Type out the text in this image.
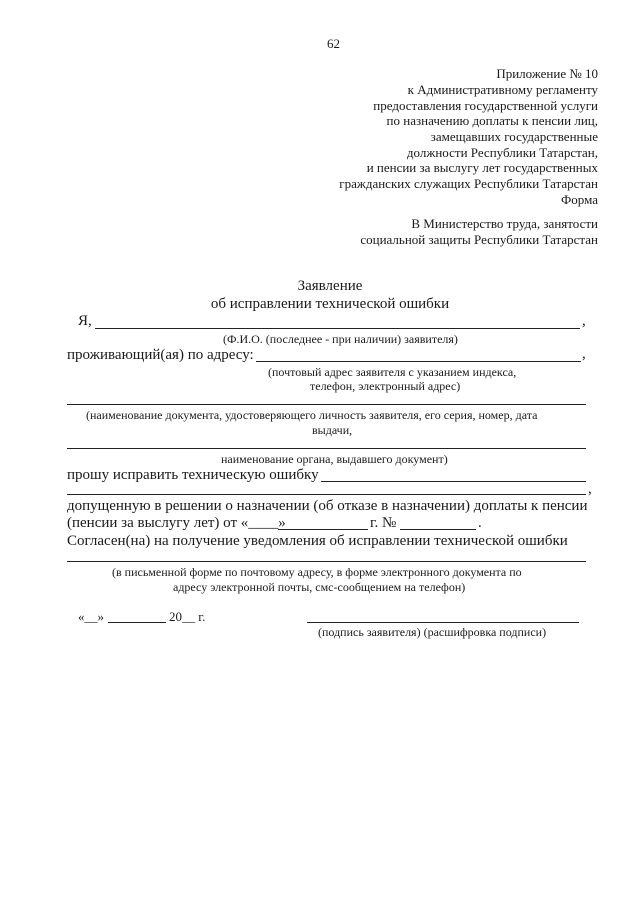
62
Приложение № 10
к Административному регламенту
предоставления государственной услуги
по назначению доплаты к пенсии лиц,
замещавших государственные
должности Республики Татарстан,
и пенсии за выслугу лет государственных
гражданских служащих Республики Татарстан
Форма
В Министерство труда, занятости
социальной защиты Республики Татарстан
Заявление
об исправлении технической ошибки
Я,	,
(Ф.И.О. (последнее - при наличии) заявителя)
проживающий(ая) по адресу:	,
(почтовый адрес заявителя с указанием индекса,
телефон, электронный адрес)
(наименование документа, удостоверяющего личность заявителя, его серия, номер, дата
выдачи,
наименование органа, выдавшего документ)
прошу исправить техническую ошибку
,
допущенную в решении о назначении (об отказе в назначении) доплаты к пенсии
(пенсии за выслугу лет) от «____»	г. №	.
Согласен(на) на получение уведомления об исправлении технической ошибки
(в письменной форме по почтовому адресу, в форме электронного документа по
адресу электронной почты, смс-сообщением на телефон)
«__»	20__ г.
(подпись заявителя) (расшифровка подписи)
